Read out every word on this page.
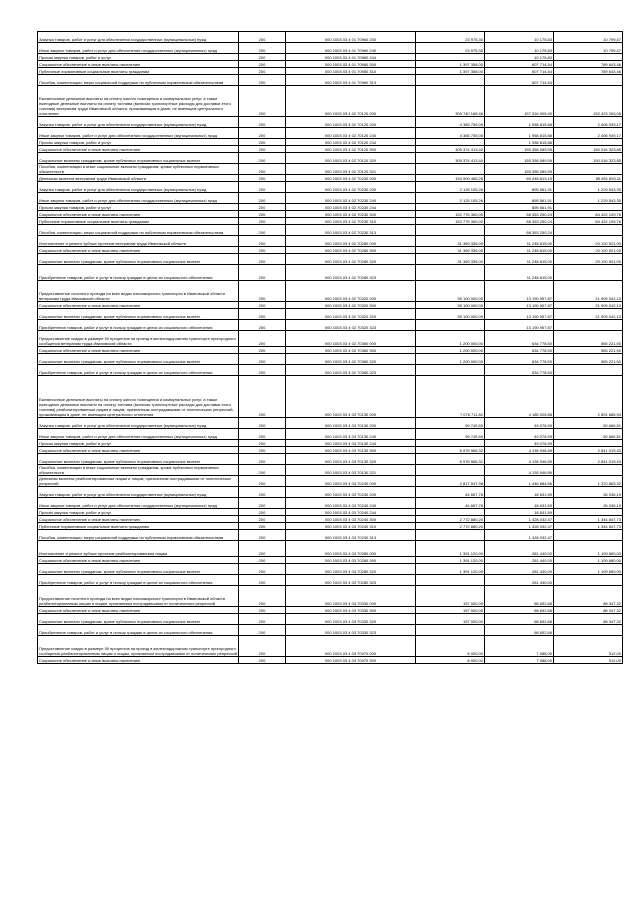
Закупка товаров, работ и услуг для обеспечения государственных (муниципальных) нужд	200	000 1003 03 4 01 70960 200	23 975,30	10 175,83	10 799,47
Иные закупки товаров, работ и услуг для обеспечения государственных (муниципальных) нужд	200	000 1003 03 4 01 70960 240	23 975,30	10 175,83	10 799,47
Прочая закупка товаров, работ и услуг	200	000 1003 03 4 01 70960 244		10 175,83	
Социальное обеспечение и иные выплаты населению	200	000 1003 03 4 01 70960 300	1 397 358,00	607 714,54	789 643,46
Публичные нормативные социальные выплаты гражданам	200	000 1003 03 4 01 70960 310	1 397 358,00	607 714,54	789 643,46
Пособия, компенсации, меры социальной поддержки по публичным нормативным обязательствам	200	000 1003 03 4 01 70960 313		607 714,54	
Ежемесячные денежные выплаты на оплату жилого помещения и коммунальных услуг, а также ежегодные денежные выплаты на оплату топлива (включая транспортные расходы для доставки этого топлива) ветеранам труда Ивановской области, проживающим в доме, не имеющем центрального отопления	200	000 1003 03 4 02 70120 000	309 740 168,46	157 316 905,40	152 423 263,06
Закупка товаров, работ и услуг для обеспечения государственных (муниципальных) нужд	200	000 1003 03 4 02 70120 200	4 365 755,05	1 958 815,88	2 406 939,17
Иные закупки товаров, работ и услуг для обеспечения государственных (муниципальных) нужд	200	000 1003 03 4 02 70120 240	4 365 755,05	1 958 815,88	2 406 939,17
Прочая закупка товаров, работ и услуг	200	000 1003 03 4 02 70120 244		1 958 815,88	
Социальное обеспечение и иные выплаты населению	200	000 1003 03 4 02 70120 300	305 374 413,40	155 358 089,55	150 016 323,85
Социальные выплаты гражданам, кроме публичных нормативных социальных выплат	200	000 1003 03 4 02 70120 320	305 374 413,40	155 358 089,55	150 016 323,85
Пособия, компенсации и иные социальные выплаты гражданам, кроме публичных нормативных обязательств	200	000 1003 03 4 02 70120 321		155 358 089,55	
Денежная выплата ветеранам труда Ивановской области	200	000 1003 03 4 02 70230 000	154 900 465,26	69 248 813,15	85 651 653,11
Закупка товаров, работ и услуг для обеспечения государственных (муниципальных) нужд	200	000 1003 03 4 02 70230 200	2 125 105,26	895 561,91	1 229 543,35
Иные закупки товаров, работ и услуг для обеспечения государственных (муниципальных) нужд	200	000 1003 03 4 02 70230 240	2 125 105,26	895 561,91	1 229 543,35
Прочая закупка товаров, работ и услуг	200	000 1003 03 4 02 70230 244		895 561,91	
Социальное обеспечение и иные выплаты населению	200	000 1003 03 4 02 70230 300	152 775 360,00	68 353 250,24	84 422 109,76
Публичные нормативные социальные выплаты гражданам	200	000 1003 03 4 02 70230 310	152 775 360,00	68 353 250,24	84 422 109,76
Пособия, компенсации, меры социальной поддержки по публичным нормативным обязательствам	200	000 1003 03 4 02 70230 313		68 353 250,24	
Изготовление и ремонт зубных протезов ветеранам труда Ивановской области	200	000 1003 03 4 02 70280 000	31 369 336,00	11 248 815,00	20 120 521,00
Социальное обеспечение и иные выплаты населению	200	000 1003 03 4 02 70280 300	31 369 336,00	11 248 815,00	20 120 521,00
Социальные выплаты гражданам, кроме публичных нормативных социальных выплат	200	000 1003 03 4 02 70280 320	31 369 336,00	11 248 815,00	20 120 521,00
Приобретение товаров, работ и услуг в пользу граждан в целях их социального обеспечения	200	000 1003 03 4 02 70280 323		11 248 815,00	
Предоставление льготного проезда на всех видах пассажирского транспорта в Ивановской области ветеранам труда Ивановской области	200	000 1003 03 4 02 70320 000	35 100 000,00	13 190 957,87	21 909 042,13
Социальное обеспечение и иные выплаты населению	200	000 1003 03 4 02 70320 300	35 100 000,00	13 190 957,87	21 909 042,13
Социальные выплаты гражданам, кроме публичных нормативных социальных выплат	200	000 1003 03 4 02 70320 320	35 100 000,00	13 190 957,87	21 909 042,13
Приобретение товаров, работ и услуг в пользу граждан в целях их социального обеспечения	200	000 1003 03 4 02 70320 323		13 190 957,87	
Предоставление скидки в размере 50 процентов на проезд в железнодорожном транспорте пригородного сообщения ветеранам труда Ивановской области	200	000 1003 03 4 02 70360 000	1 200 000,00	634 778,50	565 221,50
Социальное обеспечение и иные выплаты населению	200	000 1003 03 4 02 70360 300	1 200 000,00	634 778,50	565 221,50
Социальные выплаты гражданам, кроме публичных нормативных социальных выплат	200	000 1003 03 4 02 70360 320	1 200 000,00	634 778,50	565 221,50
Приобретение товаров, работ и услуг в пользу граждан в целях их социального обеспечения	200	000 1003 03 4 02 70360 323		634 778,50	
Ежемесячные денежные выплаты на оплату жилого помещения и коммунальных услуг, а также ежегодные денежные выплаты на оплату топлива (включая транспортные расходы для доставки этого топлива) реабилитированным лицам и лицам, признанным пострадавшими от политических репрессий, проживающим в доме, не имеющем центрального отопления	200	000 1003 03 4 03 70130 000	7 076 711,82	4 185 025,88	2 891 685,94
Закупка товаров, работ и услуг для обеспечения государственных (муниципальных) нужд	200	000 1003 03 4 03 70130 200	99 745,50	49 078,99	50 666,51
Иные закупки товаров, работ и услуг для обеспечения государственных (муниципальных) нужд	200	000 1003 03 4 03 70130 240	99 745,50	49 078,99	50 666,51
Прочая закупка товаров, работ и услуг	200	000 1003 03 4 03 70130 244		49 078,99	
Социальное обеспечение и иные выплаты населению	200	000 1003 03 4 03 70130 300	6 976 966,32	4 135 946,89	2 841 019,43
Социальные выплаты гражданам, кроме публичных нормативных социальных выплат	200	000 1003 03 4 03 70130 320	6 976 966,32	4 135 946,89	2 841 019,43
Пособия, компенсации и иные социальные выплаты гражданам, кроме публичных нормативных обязательств	200	000 1003 03 4 03 70130 321		4 135 946,89	
Денежная выплата реабилитированным лицам и лицам, признанным пострадавшими от политических репрессий	200	000 1003 03 4 03 70240 000	2 817 547,98	1 446 684,66	1 370 863,32
Закупка товаров, работ и услуг для обеспечения государственных (муниципальных) нужд	200	000 1003 03 4 03 70240 200	44 667,78	18 631,59	26 036,19
Иные закупки товаров, работ и услуг для обеспечения государственных (муниципальных) нужд	200	000 1003 03 4 03 70240 240	44 667,78	18 631,59	26 036,19
Прочая закупка товаров, работ и услуг	200	000 1003 03 4 03 70240 244		18 631,59	
Социальное обеспечение и иные выплаты населению	200	000 1003 03 4 03 70240 300	2 772 880,20	1 428 032,47	1 344 847,73
Публичные нормативные социальные выплаты гражданам	200	000 1003 03 4 03 70240 310	2 772 880,20	1 428 032,47	1 344 847,73
Пособия, компенсации, меры социальной поддержки по публичным нормативным обязательствам	200	000 1003 03 4 03 70240 313		1 428 032,47	
Изготовление и ремонт зубных протезов реабилитированным лицам	200	000 1003 03 4 03 70280 000	1 391 120,00	281 440,00	1 109 680,00
Социальное обеспечение и иные выплаты населению	200	000 1003 03 4 03 70280 300	1 391 120,00	281 440,00	1 109 680,00
Социальные выплаты гражданам, кроме публичных нормативных социальных выплат	200	000 1003 03 4 03 70280 320	1 391 120,00	281 440,00	1 109 680,00
Приобретение товаров, работ и услуг в пользу граждан в целях их социального обеспечения	200	000 1003 03 4 03 70280 323		281 440,00	
Предоставление льготного проезда на всех видах пассажирского транспорта в Ивановской области реабилитированным лицам и лицам, признанным пострадавшими от политических репрессий	200	000 1003 03 4 03 70330 000	157 000,00	68 652,68	88 347,32
Социальное обеспечение и иные выплаты населению	200	000 1003 03 4 03 70330 300	157 000,00	68 652,68	88 347,32
Социальные выплаты гражданам, кроме публичных нормативных социальных выплат	200	000 1003 03 4 03 70330 320	157 000,00	68 652,68	88 347,32
Приобретение товаров, работ и услуг в пользу граждан в целях их социального обеспечения	200	000 1003 03 4 03 70330 323		68 652,68	
Предоставление скидки в размере 50 процентов на проезд в железнодорожном транспорте пригородного сообщения реабилитированным лицам и лицам, признанным пострадавшими от политических репрессий	200	000 1003 03 4 03 70370 000	8 000,00	7 088,00	912,00
Социальное обеспечение и иные выплаты населению	200	000 1003 03 4 03 70370 300	8 000,00	7 088,00	912,00
